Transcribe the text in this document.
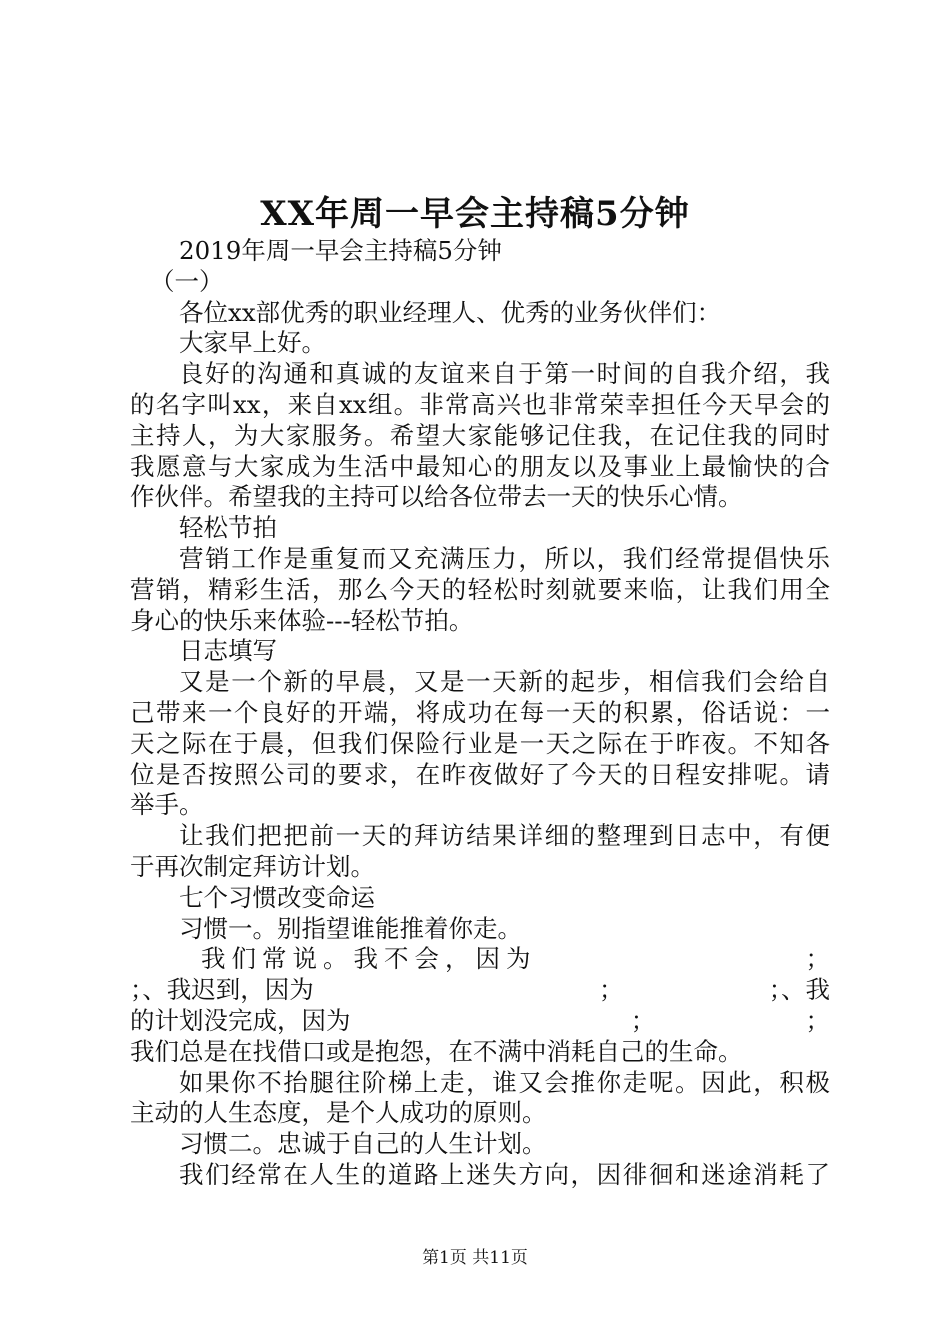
XX年周一早会主持稿5分钟
2019年周一早会主持稿5分钟
（一）
各位xx部优秀的职业经理人、优秀的业务伙伴们：
大家早上好。
良好的沟通和真诚的友谊来自于第一时间的自我介绍，我
的名字叫xx，来自xx组。非常高兴也非常荣幸担任今天早会的
主持人，为大家服务。希望大家能够记住我，在记住我的同时
我愿意与大家成为生活中最知心的朋友以及事业上最愉快的合
作伙伴。希望我的主持可以给各位带去一天的快乐心情。
轻松节拍
营销工作是重复而又充满压力，所以，我们经常提倡快乐
营销，精彩生活，那么今天的轻松时刻就要来临，让我们用全
身心的快乐来体验---轻松节拍。
日志填写
又是一个新的早晨，又是一天新的起步，相信我们会给自
己带来一个良好的开端，将成功在每一天的积累，俗话说：一
天之际在于晨，但我们保险行业是一天之际在于昨夜。不知各
位是否按照公司的要求，在昨夜做好了今天的日程安排呢。请
举手。
让我们把把前一天的拜访结果详细的整理到日志中，有便
于再次制定拜访计划。
七个习惯改变命运
习惯一。别指望谁能推着你走。
我们常说。我不会，因为	；
；、我迟到，因为	；	；、我
的计划没完成，因为	；	；
我们总是在找借口或是抱怨，在不满中消耗自己的生命。
如果你不抬腿往阶梯上走，谁又会推你走呢。因此，积极
主动的人生态度，是个人成功的原则。
习惯二。忠诚于自己的人生计划。
我们经常在人生的道路上迷失方向，因徘徊和迷途消耗了
第1页 共11页
